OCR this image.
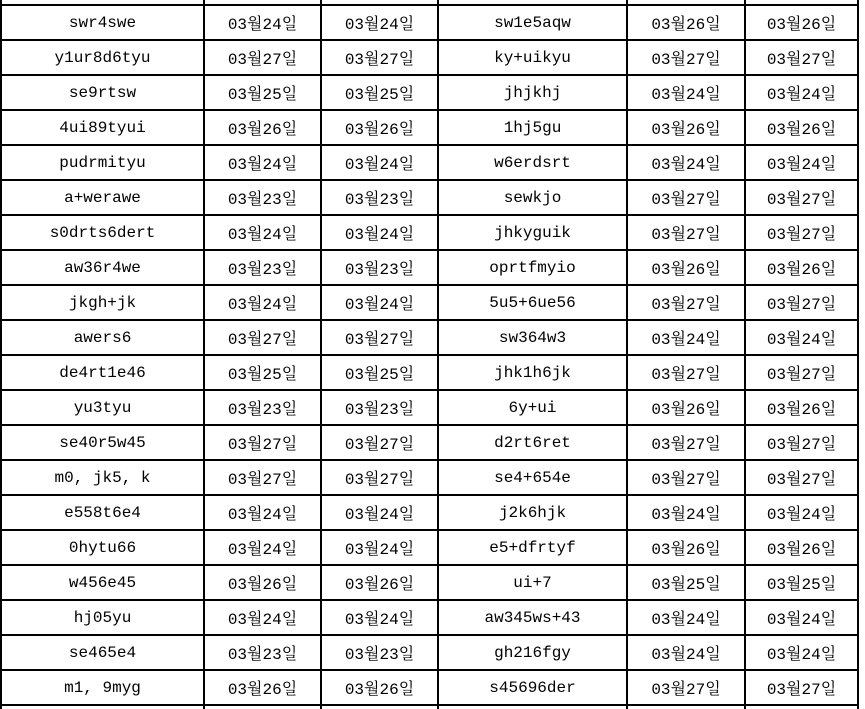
swr4swe	03월24일	03월24일	sw1e5aqw	03월26일	03월26일
y1ur8d6tyu	03월27일	03월27일	ky+uikyu	03월27일	03월27일
se9rtsw	03월25일	03월25일	jhjkhj	03월24일	03월24일
4ui89tyui	03월26일	03월26일	1hj5gu	03월26일	03월26일
pudrmityu	03월24일	03월24일	w6erdsrt	03월24일	03월24일
a+werawe	03월23일	03월23일	sewkjo	03월27일	03월27일
s0drts6dert	03월24일	03월24일	jhkyguik	03월27일	03월27일
aw36r4we	03월23일	03월23일	oprtfmyio	03월26일	03월26일
jkgh+jk	03월24일	03월24일	5u5+6ue56	03월27일	03월27일
awers6	03월27일	03월27일	sw364w3	03월24일	03월24일
de4rt1e46	03월25일	03월25일	jhk1h6jk	03월27일	03월27일
yu3tyu	03월23일	03월23일	6y+ui	03월26일	03월26일
se40r5w45	03월27일	03월27일	d2rt6ret	03월27일	03월27일
m0, jk5, k	03월27일	03월27일	se4+654e	03월27일	03월27일
e558t6e4	03월24일	03월24일	j2k6hjk	03월24일	03월24일
0hytu66	03월24일	03월24일	e5+dfrtyf	03월26일	03월26일
w456e45	03월26일	03월26일	ui+7	03월25일	03월25일
hj05yu	03월24일	03월24일	aw345ws+43	03월24일	03월24일
se465e4	03월23일	03월23일	gh216fgy	03월24일	03월24일
m1, 9myg	03월26일	03월26일	s45696der	03월27일	03월27일
